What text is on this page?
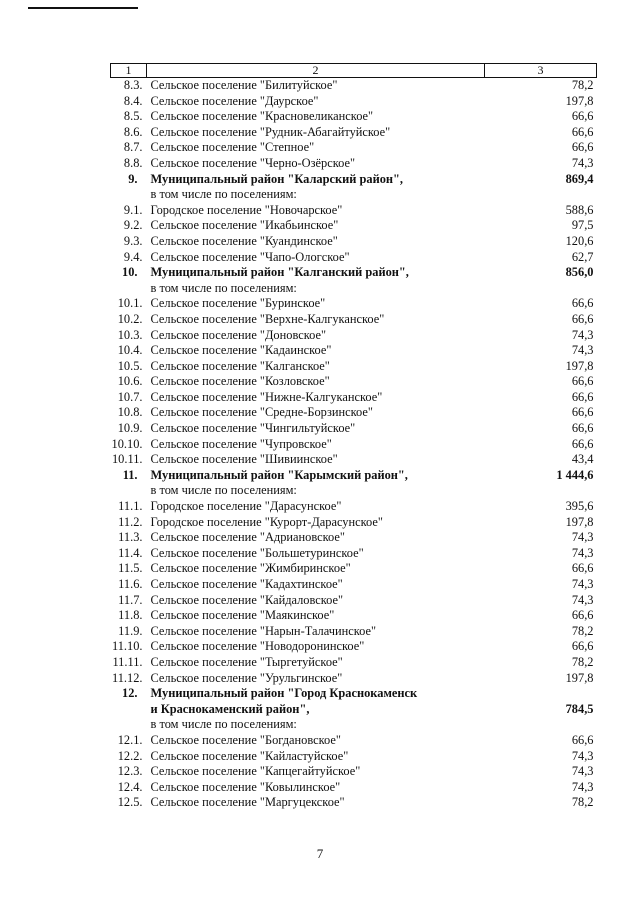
1	2	3
8.3.	Сельское поселение "Билитуйское"	78,2
8.4.	Сельское поселение "Даурское"	197,8
8.5.	Сельское поселение "Красновеликанское"	66,6
8.6.	Сельское поселение "Рудник-Абагайтуйское"	66,6
8.7.	Сельское поселение "Степное"	66,6
8.8.	Сельское поселение "Черно-Озёрское"	74,3
9.	Муниципальный район "Каларский район",	869,4
	в том числе по поселениям:	
9.1.	Городское поселение "Новочарское"	588,6
9.2.	Сельское поселение "Икабьинское"	97,5
9.3.	Сельское поселение "Куандинское"	120,6
9.4.	Сельское поселение "Чапо-Ологское"	62,7
10.	Муниципальный район "Калганский район",	856,0
	в том числе по поселениям:	
10.1.	Сельское поселение "Буринское"	66,6
10.2.	Сельское поселение "Верхне-Калгуканское"	66,6
10.3.	Сельское поселение "Доновское"	74,3
10.4.	Сельское поселение "Кадаинское"	74,3
10.5.	Сельское поселение "Калганское"	197,8
10.6.	Сельское поселение "Козловское"	66,6
10.7.	Сельское поселение "Нижне-Калгуканское"	66,6
10.8.	Сельское поселение "Средне-Борзинское"	66,6
10.9.	Сельское поселение "Чингильтуйское"	66,6
10.10.	Сельское поселение "Чупровское"	66,6
10.11.	Сельское поселение "Шивиинское"	43,4
11.	Муниципальный район "Карымский район",	1 444,6
	в том числе по поселениям:	
11.1.	Городское поселение "Дарасунское"	395,6
11.2.	Городское поселение "Курорт-Дарасунское"	197,8
11.3.	Сельское поселение "Адриановское"	74,3
11.4.	Сельское поселение "Большетуринское"	74,3
11.5.	Сельское поселение "Жимбиринское"	66,6
11.6.	Сельское поселение "Кадахтинское"	74,3
11.7.	Сельское поселение "Кайдаловское"	74,3
11.8.	Сельское поселение "Маякинское"	66,6
11.9.	Сельское поселение "Нарын-Талачинское"	78,2
11.10.	Сельское поселение "Новодоронинское"	66,6
11.11.	Сельское поселение "Тыргетуйское"	78,2
11.12.	Сельское поселение "Урульгинское"	197,8
12.	Муниципальный район "Город Краснокаменск	
	и Краснокаменский район",	784,5
	в том числе по поселениям:	
12.1.	Сельское поселение "Богдановское"	66,6
12.2.	Сельское поселение "Кайластуйское"	74,3
12.3.	Сельское поселение "Капцегайтуйское"	74,3
12.4.	Сельское поселение "Ковылинское"	74,3
12.5.	Сельское поселение "Маргуцекское"	78,2
7
